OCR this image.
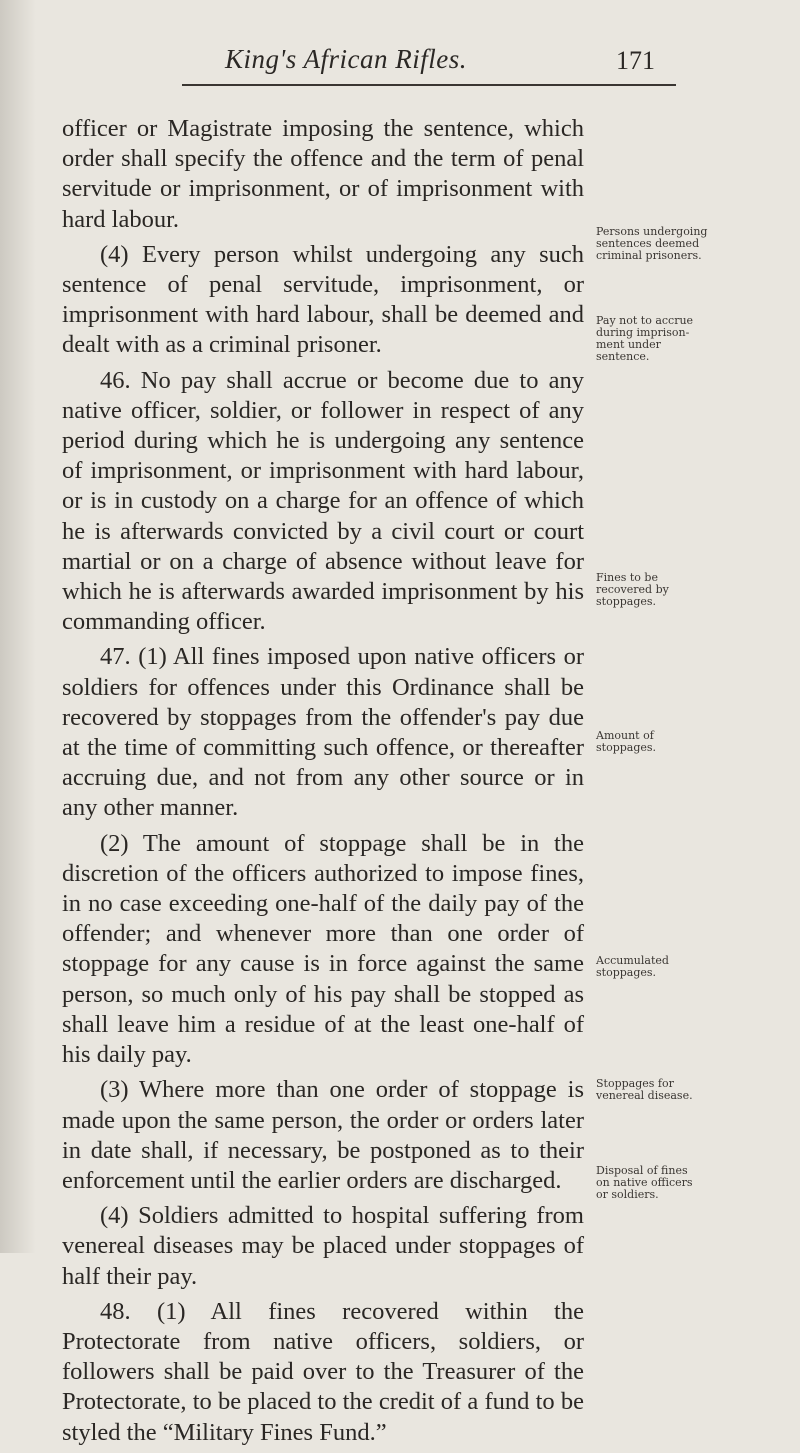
King's African Rifles.	171

officer or Magistrate imposing the sentence, which order shall specify the offence and the term of penal servitude or imprisonment, or of imprisonment with hard labour.

(4) Every person whilst undergoing any such sentence of penal servitude, imprisonment, or imprisonment with hard labour, shall be deemed and dealt with as a criminal prisoner.

46. No pay shall accrue or become due to any native officer, soldier, or follower in respect of any period during which he is undergoing any sentence of imprisonment, or imprisonment with hard labour, or is in custody on a charge for an offence of which he is afterwards convicted by a civil court or court martial or on a charge of absence without leave for which he is afterwards awarded imprisonment by his commanding officer.

47. (1) All fines imposed upon native officers or soldiers for offences under this Ordinance shall be recovered by stoppages from the offender's pay due at the time of committing such offence, or thereafter accruing due, and not from any other source or in any other manner.

(2) The amount of stoppage shall be in the discretion of the officers authorized to impose fines, in no case exceeding one-half of the daily pay of the offender; and whenever more than one order of stoppage for any cause is in force against the same person, so much only of his pay shall be stopped as shall leave him a residue of at the least one-half of his daily pay.

(3) Where more than one order of stoppage is made upon the same person, the order or orders later in date shall, if necessary, be postponed as to their enforcement until the earlier orders are discharged.

(4) Soldiers admitted to hospital suffering from venereal diseases may be placed under stoppages of half their pay.

48. (1) All fines recovered within the Protectorate from native officers, soldiers, or followers shall be paid over to the Treasurer of the Protectorate, to be placed to the credit of a fund to be styled the “Military Fines Fund.”

Persons undergoing
sentences deemed
criminal prisoners.
Pay not to accrue
during imprison-
ment under
sentence.
Fines to be
recovered by
stoppages.
Amount of
stoppages.
Accumulated
stoppages.
Stoppages for
venereal disease.
Disposal of fines
on native officers
or soldiers.
